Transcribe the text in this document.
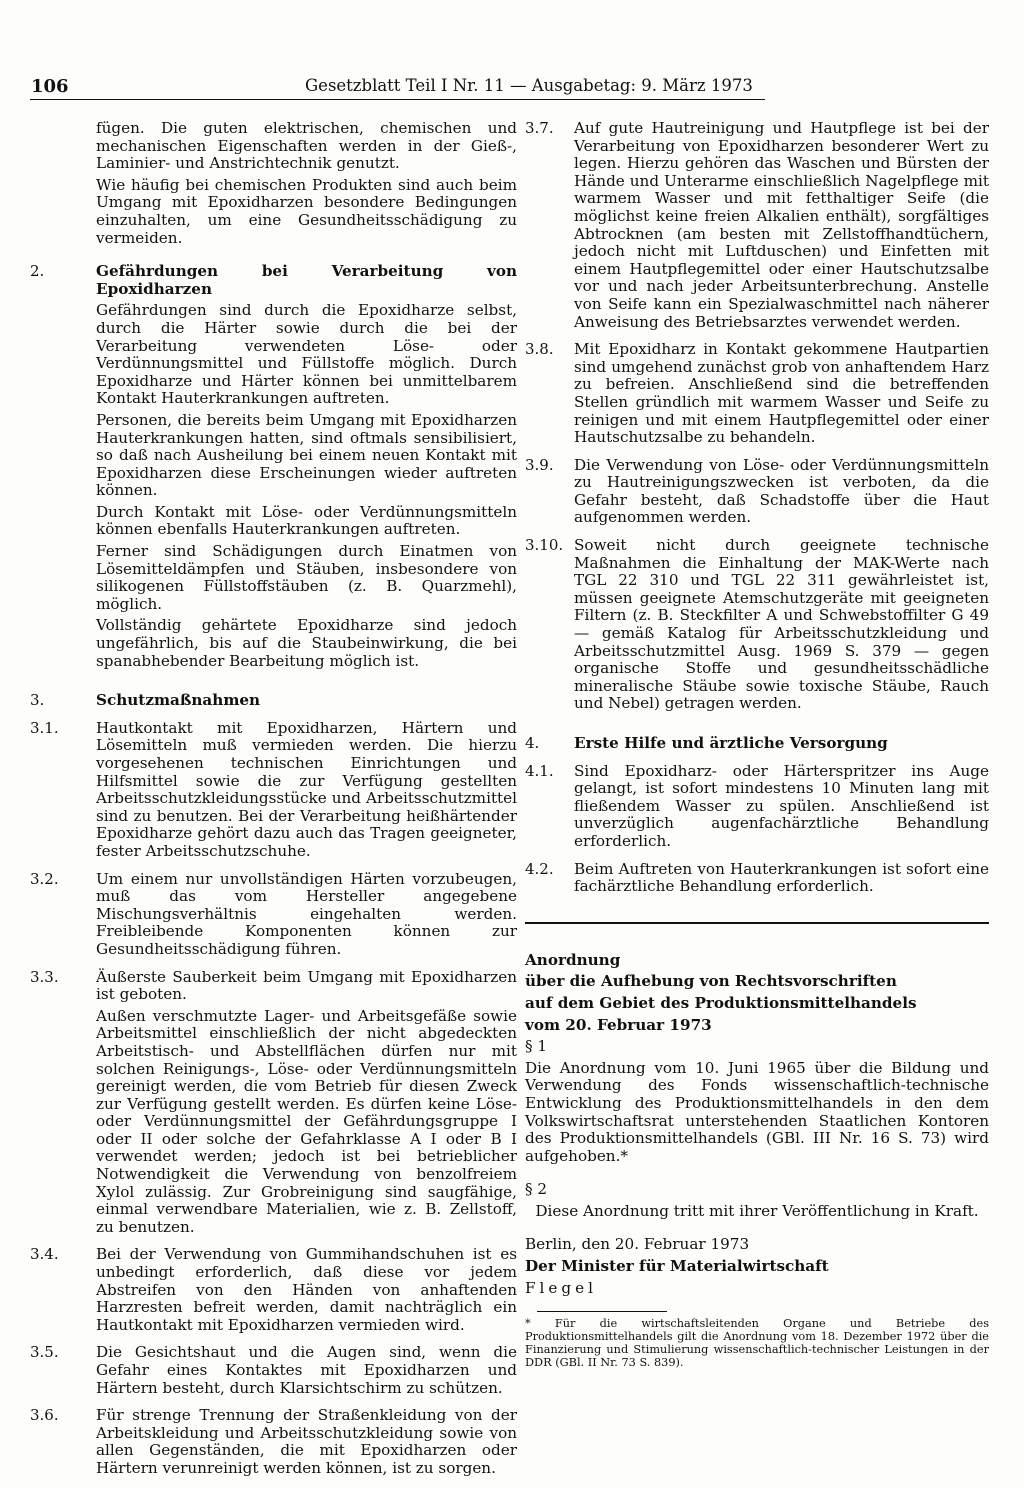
106	Gesetzblatt Teil I Nr. 11 — Ausgabetag: 9. März 1973

fügen. Die guten elektrischen, chemischen und mechanischen Eigenschaften werden in der Gieß-, Laminier- und Anstrichtechnik genutzt.

Wie häufig bei chemischen Produkten sind auch beim Umgang mit Epoxidharzen besondere Bedingungen einzuhalten, um eine Gesundheitsschädigung zu vermeiden.

2.	Gefährdungen bei Verarbeitung von Epoxidharzen

Gefährdungen sind durch die Epoxidharze selbst, durch die Härter sowie durch die bei der Verarbeitung verwendeten Löse- oder Verdünnungsmittel und Füllstoffe möglich. Durch Epoxidharze und Härter können bei unmittelbarem Kontakt Hauterkrankungen auftreten.

Personen, die bereits beim Umgang mit Epoxidharzen Hauterkrankungen hatten, sind oftmals sensibilisiert, so daß nach Ausheilung bei einem neuen Kontakt mit Epoxidharzen diese Erscheinungen wieder auftreten können.

Durch Kontakt mit Löse- oder Verdünnungsmitteln können ebenfalls Hauterkrankungen auftreten.

Ferner sind Schädigungen durch Einatmen von Lösemitteldämpfen und Stäuben, insbesondere von silikogenen Füllstoffstäuben (z. B. Quarzmehl), möglich.

Vollständig gehärtete Epoxidharze sind jedoch ungefährlich, bis auf die Staubeinwirkung, die bei spanabhebender Bearbeitung möglich ist.

3.	Schutzmaßnahmen

3.1.	Hautkontakt mit Epoxidharzen, Härtern und Lösemitteln muß vermieden werden. Die hierzu vorgesehenen technischen Einrichtungen und Hilfsmittel sowie die zur Verfügung gestellten Arbeitsschutzkleidungsstücke und Arbeitsschutzmittel sind zu benutzen. Bei der Verarbeitung heißhärtender Epoxidharze gehört dazu auch das Tragen geeigneter, fester Arbeitsschutzschuhe.

3.2.	Um einem nur unvollständigen Härten vorzubeugen, muß das vom Hersteller angegebene Mischungsverhältnis eingehalten werden. Freibleibende Komponenten können zur Gesundheitsschädigung führen.

3.3.	Äußerste Sauberkeit beim Umgang mit Epoxidharzen ist geboten.

Außen verschmutzte Lager- und Arbeitsgefäße sowie Arbeitsmittel einschließlich der nicht abgedeckten Arbeitstisch- und Abstellflächen dürfen nur mit solchen Reinigungs-, Löse- oder Verdünnungsmitteln gereinigt werden, die vom Betrieb für diesen Zweck zur Verfügung gestellt werden. Es dürfen keine Löse- oder Verdünnungsmittel der Gefährdungsgruppe I oder II oder solche der Gefahrklasse A I oder B I verwendet werden; jedoch ist bei betrieblicher Notwendigkeit die Verwendung von benzolfreiem Xylol zulässig. Zur Grobreinigung sind saugfähige, einmal verwendbare Materialien, wie z. B. Zellstoff, zu benutzen.

3.4.	Bei der Verwendung von Gummihandschuhen ist es unbedingt erforderlich, daß diese vor jedem Abstreifen von den Händen von anhaftenden Harzresten befreit werden, damit nachträglich ein Hautkontakt mit Epoxidharzen vermieden wird.

3.5.	Die Gesichtshaut und die Augen sind, wenn die Gefahr eines Kontaktes mit Epoxidharzen und Härtern besteht, durch Klarsichtschirm zu schützen.

3.6.	Für strenge Trennung der Straßenkleidung von der Arbeitskleidung und Arbeitsschutzkleidung sowie von allen Gegenständen, die mit Epoxidharzen oder Härtern verunreinigt werden können, ist zu sorgen.

3.7.	Auf gute Hautreinigung und Hautpflege ist bei der Verarbeitung von Epoxidharzen besonderer Wert zu legen. Hierzu gehören das Waschen und Bürsten der Hände und Unterarme einschließlich Nagelpflege mit warmem Wasser und mit fetthaltiger Seife (die möglichst keine freien Alkalien enthält), sorgfältiges Abtrocknen (am besten mit Zellstoffhandtüchern, jedoch nicht mit Luftduschen) und Einfetten mit einem Hautpflegemittel oder einer Hautschutzsalbe vor und nach jeder Arbeitsunterbrechung. Anstelle von Seife kann ein Spezialwaschmittel nach näherer Anweisung des Betriebsarztes verwendet werden.

3.8.	Mit Epoxidharz in Kontakt gekommene Hautpartien sind umgehend zunächst grob von anhaftendem Harz zu befreien. Anschließend sind die betreffenden Stellen gründlich mit warmem Wasser und Seife zu reinigen und mit einem Hautpflegemittel oder einer Hautschutzsalbe zu behandeln.

3.9.	Die Verwendung von Löse- oder Verdünnungsmitteln zu Hautreinigungszwecken ist verboten, da die Gefahr besteht, daß Schadstoffe über die Haut aufgenommen werden.

3.10. Soweit nicht durch geeignete technische Maßnahmen die Einhaltung der MAK-Werte nach TGL 22 310 und TGL 22 311 gewährleistet ist, müssen geeignete Atemschutzgeräte mit geeigneten Filtern (z. B. Steckfilter A und Schwebstoffilter G 49 — gemäß Katalog für Arbeitsschutzkleidung und Arbeitsschutzmittel Ausg. 1969 S. 379 — gegen organische Stoffe und gesundheitsschädliche mineralische Stäube sowie toxische Stäube, Rauch und Nebel) getragen werden.

4.	Erste Hilfe und ärztliche Versorgung

4.1.	Sind Epoxidharz- oder Härterspritzer ins Auge gelangt, ist sofort mindestens 10 Minuten lang mit fließendem Wasser zu spülen. Anschließend ist unverzüglich augenfachärztliche Behandlung erforderlich.

4.2.	Beim Auftreten von Hauterkrankungen ist sofort eine fachärztliche Behandlung erforderlich.

Anordnung

über die Aufhebung von Rechtsvorschriften

auf dem Gebiet des Produktionsmittelhandels

vom 20. Februar 1973

§ 1

Die Anordnung vom 10. Juni 1965 über die Bildung und Verwendung des Fonds wissenschaftlich-technische Entwicklung des Produktionsmittelhandels in den dem Volkswirtschaftsrat unterstehenden Staatlichen Kontoren des Produktionsmittelhandels (GBl. III Nr. 16 S. 73) wird aufgehoben.*

§ 2

Diese Anordnung tritt mit ihrer Veröffentlichung in Kraft.

Berlin, den 20. Februar 1973

Der Minister für Materialwirtschaft

Flegel

* Für die wirtschaftsleitenden Organe und Betriebe des Produktionsmittelhandels gilt die Anordnung vom 18. Dezember 1972 über die Finanzierung und Stimulierung wissenschaftlich-technischer Leistungen in der DDR (GBl. II Nr. 73 S. 839).
